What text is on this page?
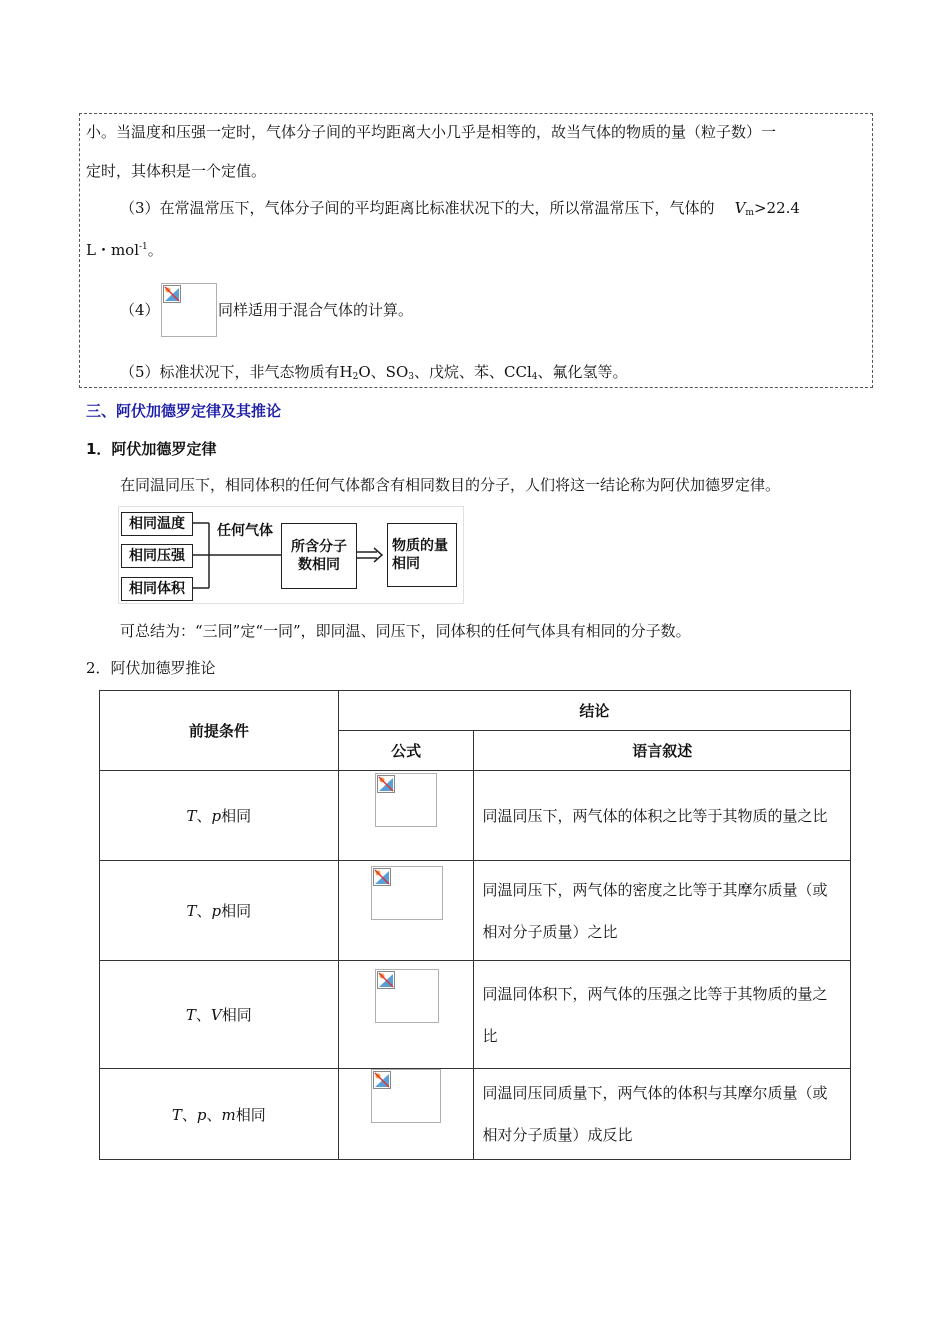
小。当温度和压强一定时，气体分子间的平均距离大小几乎是相等的，故当气体的物质的量（粒子数）一
定时，其体积是一个定值。
（3）在常温常压下，气体分子间的平均距离比标准状况下的大，所以常温常压下，气体的 $V_m>22.4$
L・mol$^{-1}$。
（4）	同样适用于混合气体的计算。
（5）标准状况下，非气态物质有$H_2O$、$SO_3$、戊烷、苯、CCl$_4$、氟化氢等。
三、阿伏加德罗定律及其推论
1．阿伏加德罗定律
在同温同压下，相同体积的任何气体都含有相同数目的分子，人们将这一结论称为阿伏加德罗定律。
相同温度
相同压强
相同体积
任何气体
所含分子
数相同
物质的量
相同
可总结为：“三同”定“一同”，即同温、同压下，同体积的任何气体具有相同的分子数。
2．阿伏加德罗推论
前提条件	结论	
	公式	语言叙述
T、p相同		同温同压下，两气体的体积之比等于其物质的量之比
T、p相同		同温同压下，两气体的密度之比等于其摩尔质量（或相对分子质量）之比
T、V相同		同温同体积下，两气体的压强之比等于其物质的量之比
T、p、m相同		同温同压同质量下，两气体的体积与其摩尔质量（或相对分子质量）成反比
